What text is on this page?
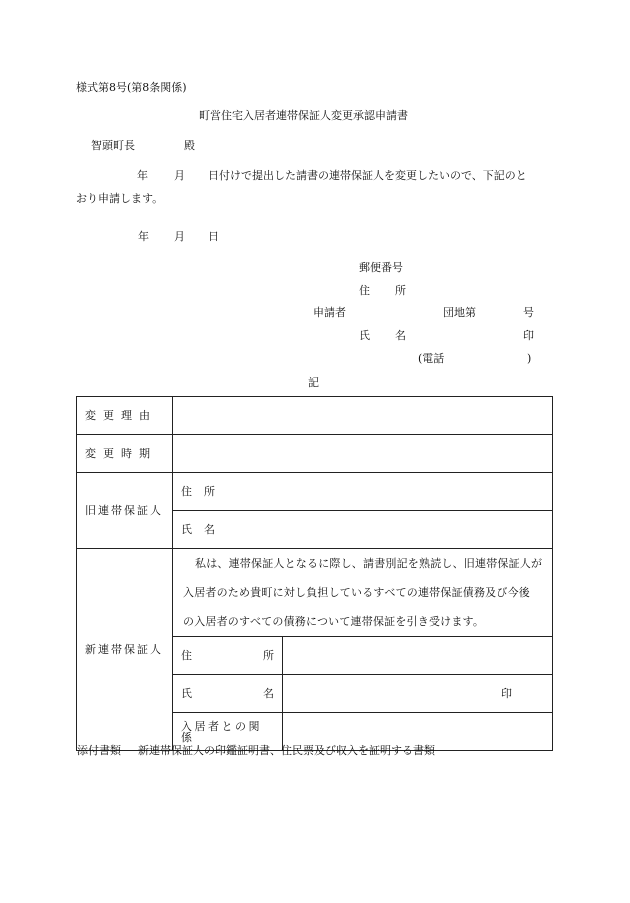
様式第8号(第8条関係)
町営住宅入居者連帯保証人変更承認申請書
智頭町長	殿
年 月 日付けで提出した請書の連帯保証人を変更したいので、下記のと
おり申請します。
年 月 日
郵便番号
住 所
申請者	団地第	号
氏 名	印
(電話	)
記
変更理由		
変更時期		
旧連帯保証人	住 所	
	氏 名	
新連帯保証人	私は、連帯保証人となるに際し、請書別記を熟読し、旧連帯保証人が
入居者のため貴町に対し負担しているすべての連帯保証債務及び今後
の入居者のすべての債務について連帯保証を引き受けます。	

	住 所	

	氏 名	印
	入居者との関係	
添付書類 新連帯保証人の印鑑証明書、住民票及び収入を証明する書類
